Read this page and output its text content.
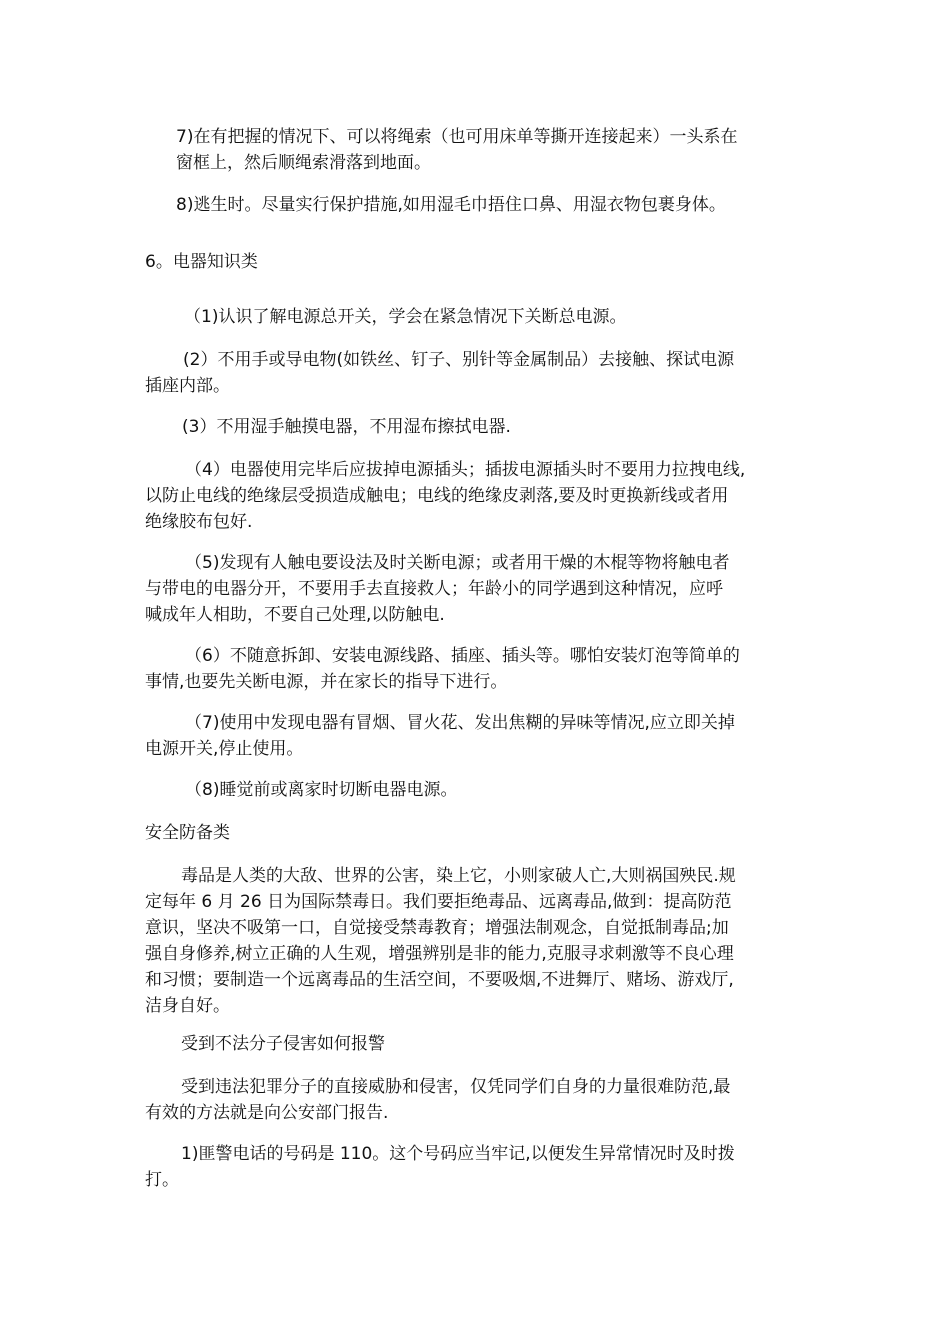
7)在有把握的情况下、可以将绳索（也可用床单等撕开连接起来）一头系在
窗框上，然后顺绳索滑落到地面。

8)逃生时。尽量实行保护措施,如用湿毛巾捂住口鼻、用湿衣物包裹身体。

6。电器知识类

（1)认识了解电源总开关，学会在紧急情况下关断总电源。

(2）不用手或导电物(如铁丝、钉子、别针等金属制品）去接触、探试电源
插座内部。

(3）不用湿手触摸电器，不用湿布擦拭电器.

（4）电器使用完毕后应拔掉电源插头；插拔电源插头时不要用力拉拽电线,
以防止电线的绝缘层受损造成触电；电线的绝缘皮剥落,要及时更换新线或者用
绝缘胶布包好.

（5)发现有人触电要设法及时关断电源；或者用干燥的木棍等物将触电者
与带电的电器分开，不要用手去直接救人；年龄小的同学遇到这种情况，应呼
喊成年人相助，不要自己处理,以防触电.

（6）不随意拆卸、安装电源线路、插座、插头等。哪怕安装灯泡等简单的
事情,也要先关断电源，并在家长的指导下进行。

（7)使用中发现电器有冒烟、冒火花、发出焦糊的异味等情况,应立即关掉
电源开关,停止使用。

（8)睡觉前或离家时切断电器电源。

安全防备类

毒品是人类的大敌、世界的公害，染上它，小则家破人亡,大则祸国殃民.规
定每年 6 月 26 日为国际禁毒日。我们要拒绝毒品、远离毒品,做到：提高防范
意识，坚决不吸第一口，自觉接受禁毒教育；增强法制观念，自觉抵制毒品;加
强自身修养,树立正确的人生观，增强辨别是非的能力,克服寻求刺激等不良心理
和习惯；要制造一个远离毒品的生活空间，不要吸烟,不进舞厅、赌场、游戏厅,
洁身自好。

受到不法分子侵害如何报警

受到违法犯罪分子的直接威胁和侵害，仅凭同学们自身的力量很难防范,最
有效的方法就是向公安部门报告.

1)匪警电话的号码是 110。这个号码应当牢记,以便发生异常情况时及时拨
打。
